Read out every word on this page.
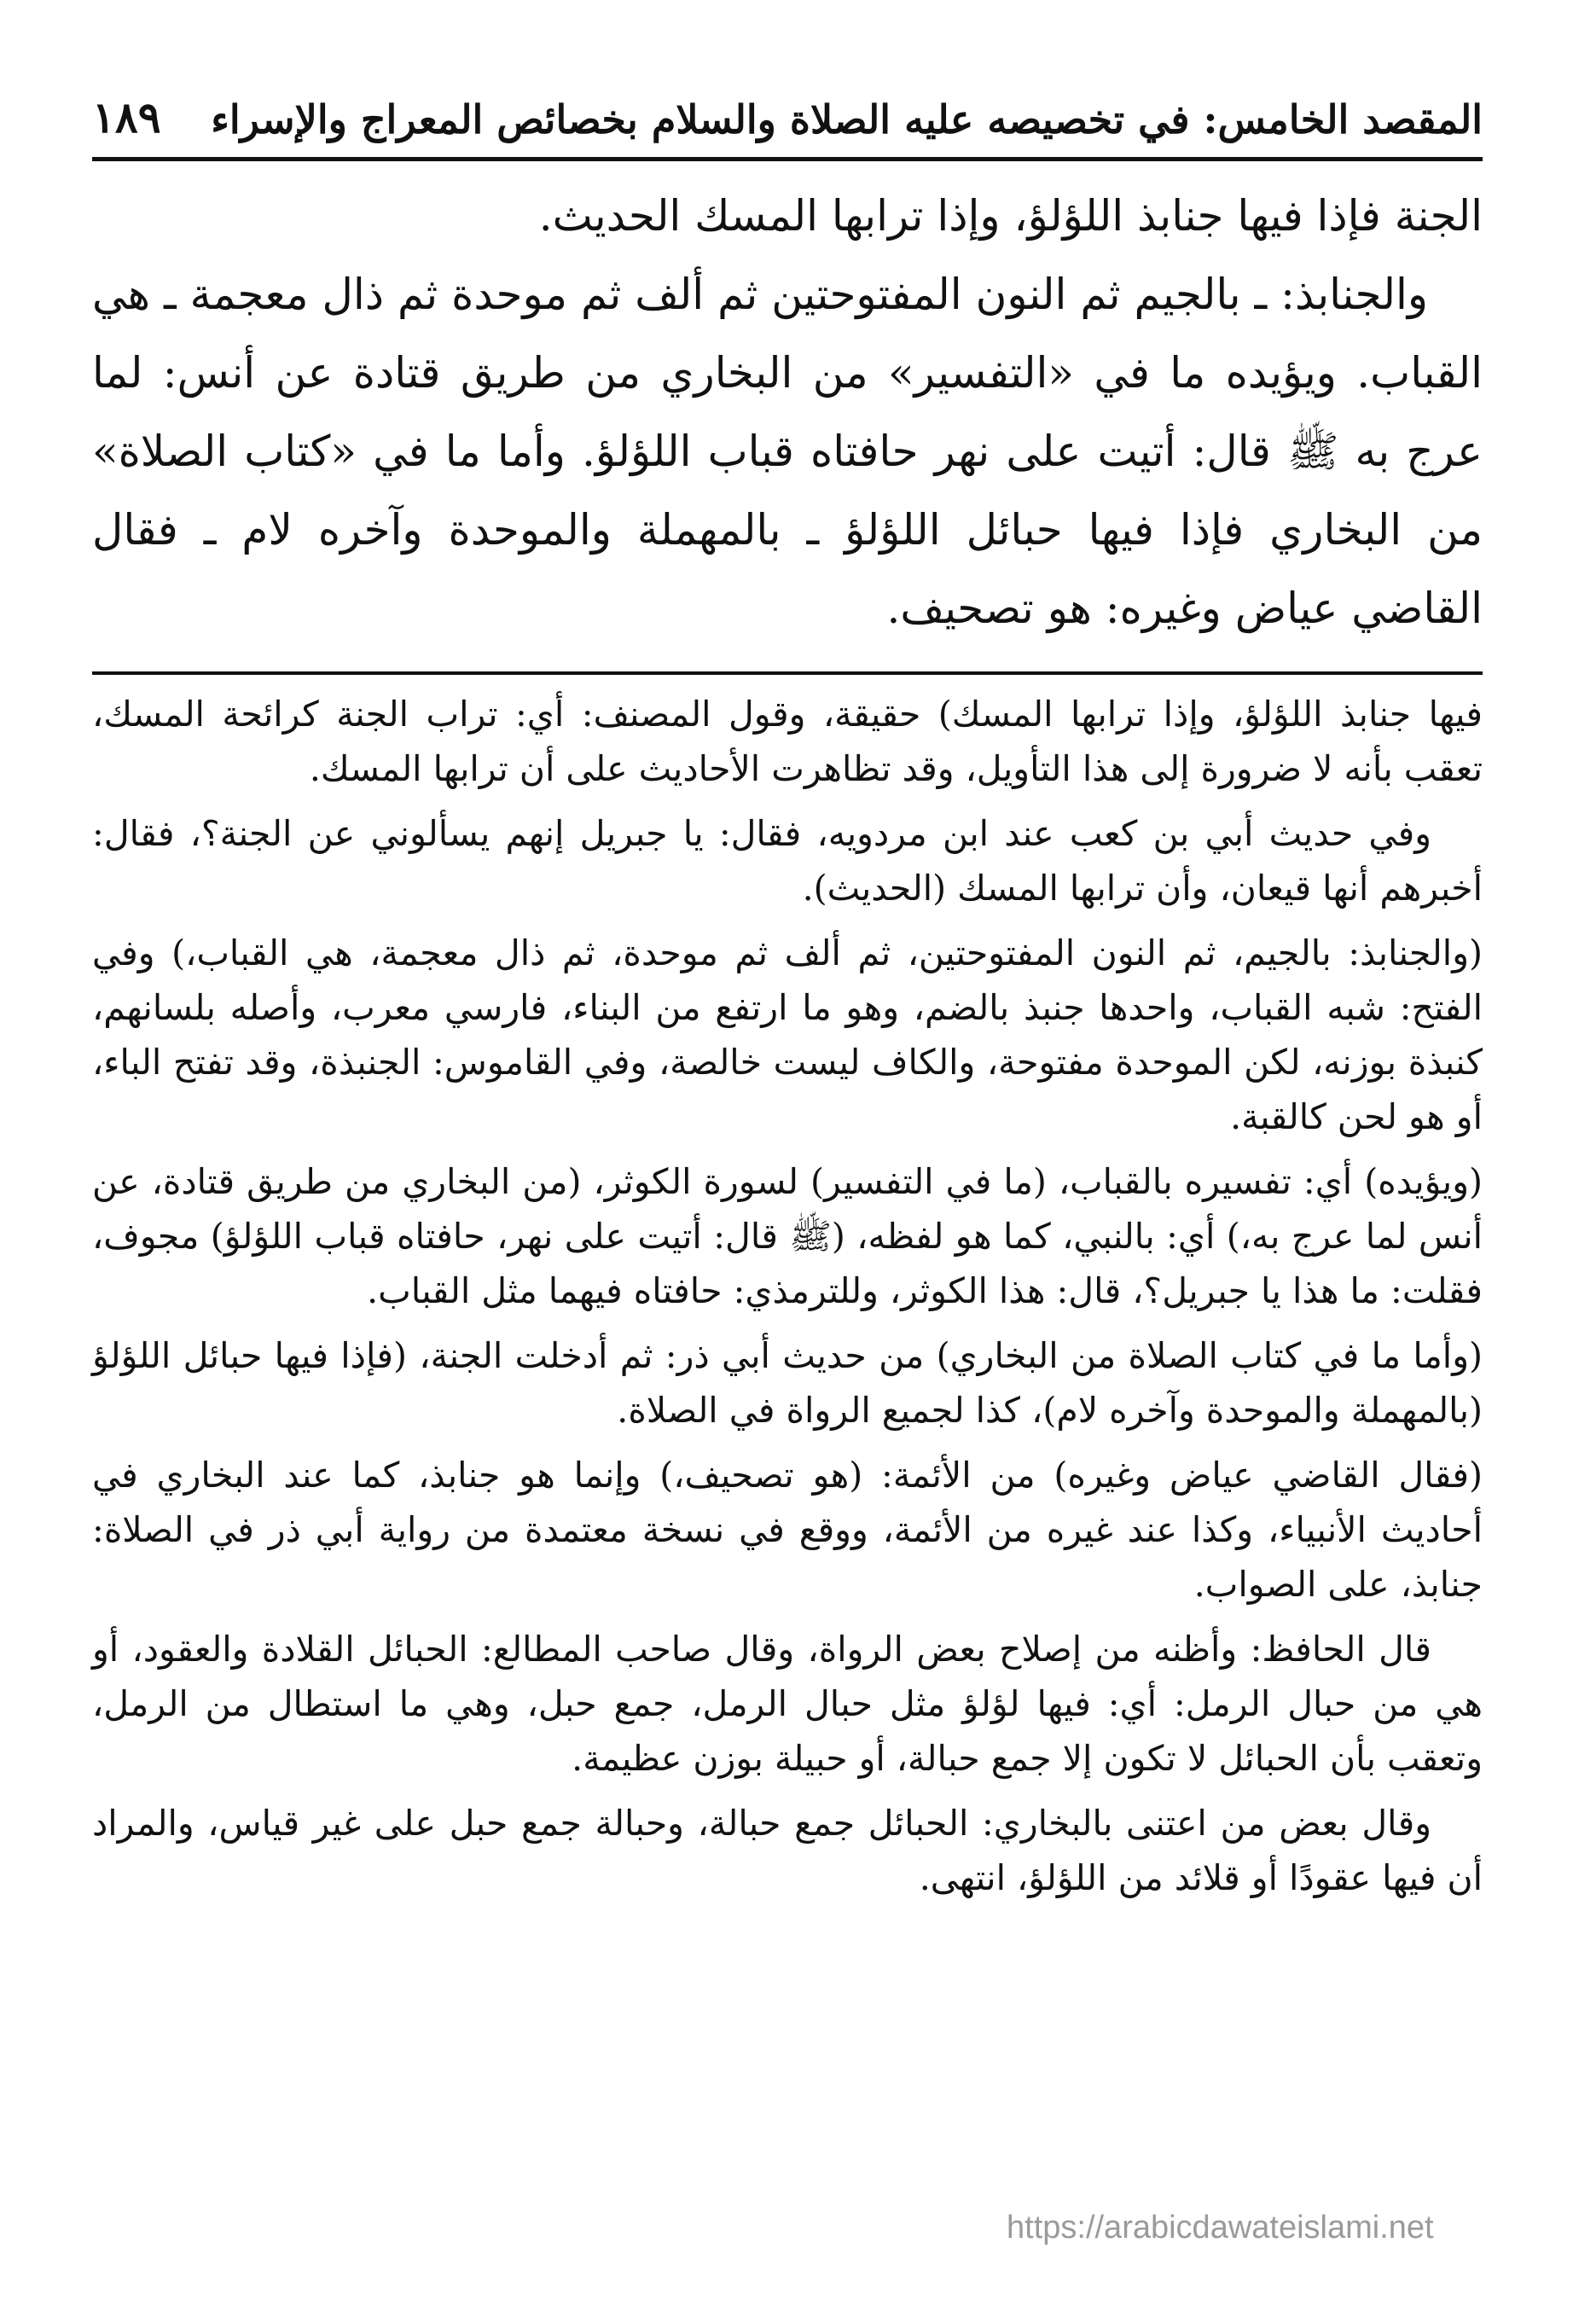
المقصد الخامس: في تخصيصه عليه الصلاة والسلام بخصائص المعراج والإسراء
١٨٩

الجنة فإذا فيها جنابذ اللؤلؤ، وإذا ترابها المسك الحديث.

والجنابذ: ـ بالجيم ثم النون المفتوحتين ثم ألف ثم موحدة ثم ذال معجمة ـ هي القباب. ويؤيده ما في «التفسير» من البخاري من طريق قتادة عن أنس: لما عرج به ﷺ قال: أتيت على نهر حافتاه قباب اللؤلؤ. وأما ما في «كتاب الصلاة» من البخاري فإذا فيها حبائل اللؤلؤ ـ بالمهملة والموحدة وآخره لام ـ فقال القاضي عياض وغيره: هو تصحيف.

فيها جنابذ اللؤلؤ، وإذا ترابها المسك) حقيقة، وقول المصنف: أي: تراب الجنة كرائحة المسك، تعقب بأنه لا ضرورة إلى هذا التأويل، وقد تظاهرت الأحاديث على أن ترابها المسك.

وفي حديث أبي بن كعب عند ابن مردويه، فقال: يا جبريل إنهم يسألوني عن الجنة؟، فقال: أخبرهم أنها قيعان، وأن ترابها المسك (الحديث).

(والجنابذ: بالجيم، ثم النون المفتوحتين، ثم ألف ثم موحدة، ثم ذال معجمة، هي القباب،) وفي الفتح: شبه القباب، واحدها جنبذ بالضم، وهو ما ارتفع من البناء، فارسي معرب، وأصله بلسانهم، كنبذة بوزنه، لكن الموحدة مفتوحة، والكاف ليست خالصة، وفي القاموس: الجنبذة، وقد تفتح الباء، أو هو لحن كالقبة.

(ويؤيده) أي: تفسيره بالقباب، (ما في التفسير) لسورة الكوثر، (من البخاري من طريق قتادة، عن أنس لما عرج به،) أي: بالنبي، كما هو لفظه، (ﷺ قال: أتيت على نهر، حافتاه قباب اللؤلؤ) مجوف، فقلت: ما هذا يا جبريل؟، قال: هذا الكوثر، وللترمذي: حافتاه فيهما مثل القباب.

(وأما ما في كتاب الصلاة من البخاري) من حديث أبي ذر: ثم أدخلت الجنة، (فإذا فيها حبائل اللؤلؤ (بالمهملة والموحدة وآخره لام)، كذا لجميع الرواة في الصلاة.

(فقال القاضي عياض وغيره) من الأئمة: (هو تصحيف،) وإنما هو جنابذ، كما عند البخاري في أحاديث الأنبياء، وكذا عند غيره من الأئمة، ووقع في نسخة معتمدة من رواية أبي ذر في الصلاة: جنابذ، على الصواب.

قال الحافظ: وأظنه من إصلاح بعض الرواة، وقال صاحب المطالع: الحبائل القلادة والعقود، أو هي من حبال الرمل: أي: فيها لؤلؤ مثل حبال الرمل، جمع حبل، وهي ما استطال من الرمل، وتعقب بأن الحبائل لا تكون إلا جمع حبالة، أو حبيلة بوزن عظيمة.

وقال بعض من اعتنى بالبخاري: الحبائل جمع حبالة، وحبالة جمع حبل على غير قياس، والمراد أن فيها عقودًا أو قلائد من اللؤلؤ، انتهى.

https://arabicdawateislami.net
